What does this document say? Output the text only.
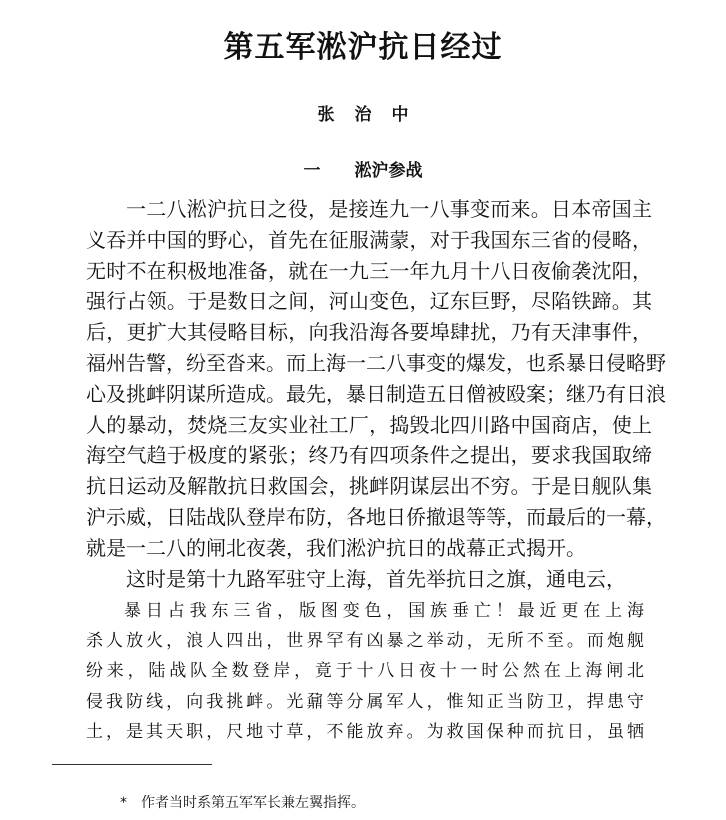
第五军淞沪抗日经过
张治中
一 淞沪参战
一二八淞沪抗日之役，是接连九一八事变而来。日本帝国主
义吞并中国的野心，首先在征服满蒙，对于我国东三省的侵略，
无时不在积极地准备，就在一九三一年九月十八日夜偷袭沈阳，
强行占领。于是数日之间，河山变色，辽东巨野，尽陷铁蹄。其
后，更扩大其侵略目标，向我沿海各要埠肆扰，乃有天津事件，
福州告警，纷至沓来。而上海一二八事变的爆发，也系暴日侵略野
心及挑衅阴谋所造成。最先，暴日制造五日僧被殴案；继乃有日浪
人的暴动，焚烧三友实业社工厂，捣毁北四川路中国商店，使上
海空气趋于极度的紧张；终乃有四项条件之提出，要求我国取缔
抗日运动及解散抗日救国会，挑衅阴谋层出不穷。于是日舰队集
沪示威，日陆战队登岸布防，各地日侨撤退等等，而最后的一幕，
就是一二八的闸北夜袭，我们淞沪抗日的战幕正式揭开。
这时是第十九路军驻守上海，首先举抗日之旗，通电云，
暴日占我东三省，版图变色，国族垂亡！最近更在上海
杀人放火，浪人四出，世界罕有凶暴之举动，无所不至。而炮舰
纷来，陆战队全数登岸，竟于十八日夜十一时公然在上海闸北
侵我防线，向我挑衅。光鼐等分属军人，惟知正当防卫，捍患守
土，是其天职，尺地寸草，不能放弃。为救国保种而抗日，虽牺
* 作者当时系第五军军长兼左翼指挥。
